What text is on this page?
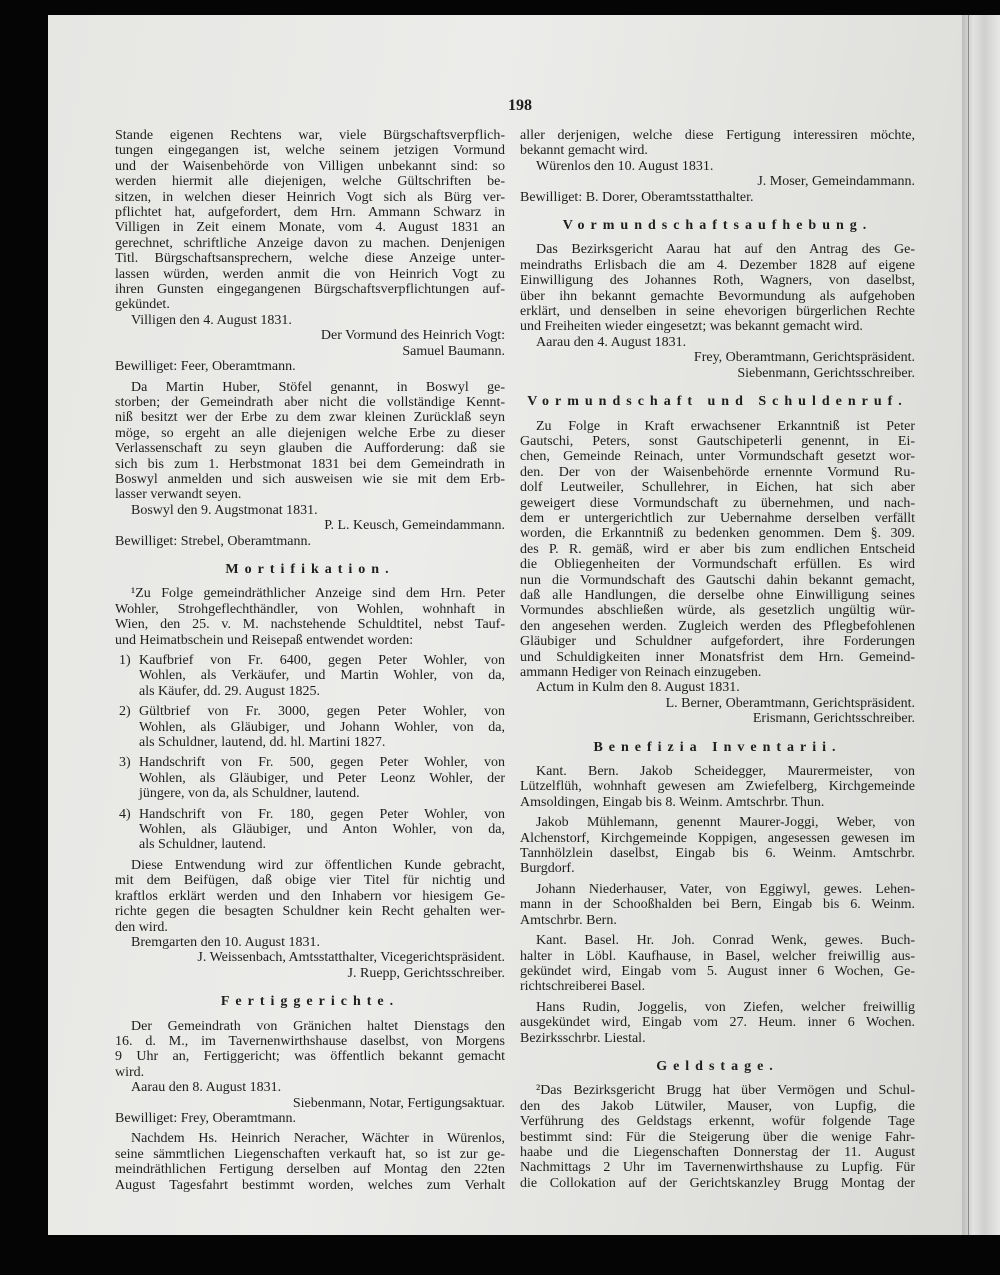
198
Stande eigenen Rechtens war, viele Bürgschaftsverpflich-
tungen eingegangen ist, welche seinem jetzigen Vormund
und der Waisenbehörde von Villigen unbekannt sind: so
werden hiermit alle diejenigen, welche Gültschriften be-
sitzen, in welchen dieser Heinrich Vogt sich als Bürg ver-
pflichtet hat, aufgefordert, dem Hrn. Ammann Schwarz in
Villigen in Zeit einem Monate, vom 4. August 1831 an
gerechnet, schriftliche Anzeige davon zu machen. Denjenigen
Titl. Bürgschaftsansprechern, welche diese Anzeige unter-
lassen würden, werden anmit die von Heinrich Vogt zu
ihren Gunsten eingegangenen Bürgschaftsverpflichtungen auf-
gekündet.
Villigen den 4. August 1831.
Der Vormund des Heinrich Vogt:
Samuel Baumann.
Bewilliget: Feer, Oberamtmann.
Da Martin Huber, Stöfel genannt, in Boswyl ge-
storben; der Gemeindrath aber nicht die vollständige Kennt-
niß besitzt wer der Erbe zu dem zwar kleinen Zurücklaß seyn
möge, so ergeht an alle diejenigen welche Erbe zu dieser
Verlassenschaft zu seyn glauben die Aufforderung: daß sie
sich bis zum 1. Herbstmonat 1831 bei dem Gemeindrath in
Boswyl anmelden und sich ausweisen wie sie mit dem Erb-
lasser verwandt seyen.
Boswyl den 9. Augstmonat 1831.
P. L. Keusch, Gemeindammann.
Bewilliget: Strebel, Oberamtmann.
Mortifikation.
¹Zu Folge gemeindräthlicher Anzeige sind dem Hrn. Peter
Wohler, Strohgeflechthändler, von Wohlen, wohnhaft in
Wien, den 25. v. M. nachstehende Schuldtitel, nebst Tauf-
und Heimatbschein und Reisepaß entwendet worden:
1) Kaufbrief von Fr. 6400, gegen Peter Wohler, von
Wohlen, als Verkäufer, und Martin Wohler, von da,
als Käufer, dd. 29. August 1825.
2) Gültbrief von Fr. 3000, gegen Peter Wohler, von
Wohlen, als Gläubiger, und Johann Wohler, von da,
als Schuldner, lautend, dd. hl. Martini 1827.
3) Handschrift von Fr. 500, gegen Peter Wohler, von
Wohlen, als Gläubiger, und Peter Leonz Wohler, der
jüngere, von da, als Schuldner, lautend.
4) Handschrift von Fr. 180, gegen Peter Wohler, von
Wohlen, als Gläubiger, und Anton Wohler, von da,
als Schuldner, lautend.
Diese Entwendung wird zur öffentlichen Kunde gebracht,
mit dem Beifügen, daß obige vier Titel für nichtig und
kraftlos erklärt werden und den Inhabern vor hiesigem Ge-
richte gegen die besagten Schuldner kein Recht gehalten wer-
den wird.
Bremgarten den 10. August 1831.
J. Weissenbach, Amtsstatthalter, Vicegerichtspräsident.
J. Ruepp, Gerichtsschreiber.
Fertiggerichte.
Der Gemeindrath von Gränichen haltet Dienstags den
16. d. M., im Tavernenwirthshause daselbst, von Morgens
9 Uhr an, Fertiggericht; was öffentlich bekannt gemacht
wird.
Aarau den 8. August 1831.
Siebenmann, Notar, Fertigungsaktuar.
Bewilliget: Frey, Oberamtmann.
Nachdem Hs. Heinrich Neracher, Wächter in Würenlos,
seine sämmtlichen Liegenschaften verkauft hat, so ist zur ge-
meindräthlichen Fertigung derselben auf Montag den 22ten
August Tagesfahrt bestimmt worden, welches zum Verhalt
aller derjenigen, welche diese Fertigung interessiren möchte,
bekannt gemacht wird.
Würenlos den 10. August 1831.
J. Moser, Gemeindammann.
Bewilliget: B. Dorer, Oberamtsstatthalter.
Vormundschaftsaufhebung.
Das Bezirksgericht Aarau hat auf den Antrag des Ge-
meindraths Erlisbach die am 4. Dezember 1828 auf eigene
Einwilligung des Johannes Roth, Wagners, von daselbst,
über ihn bekannt gemachte Bevormundung als aufgehoben
erklärt, und denselben in seine ehevorigen bürgerlichen Rechte
und Freiheiten wieder eingesetzt; was bekannt gemacht wird.
Aarau den 4. August 1831.
Frey, Oberamtmann, Gerichtspräsident.
Siebenmann, Gerichtsschreiber.
Vormundschaft und Schuldenruf.
Zu Folge in Kraft erwachsener Erkanntniß ist Peter
Gautschi, Peters, sonst Gautschipeterli genennt, in Ei-
chen, Gemeinde Reinach, unter Vormundschaft gesetzt wor-
den. Der von der Waisenbehörde ernennte Vormund Ru-
dolf Leutweiler, Schullehrer, in Eichen, hat sich aber
geweigert diese Vormundschaft zu übernehmen, und nach-
dem er untergerichtlich zur Uebernahme derselben verfällt
worden, die Erkanntniß zu bedenken genommen. Dem §. 309.
des P. R. gemäß, wird er aber bis zum endlichen Entscheid
die Obliegenheiten der Vormundschaft erfüllen. Es wird
nun die Vormundschaft des Gautschi dahin bekannt gemacht,
daß alle Handlungen, die derselbe ohne Einwilligung seines
Vormundes abschließen würde, als gesetzlich ungültig wür-
den angesehen werden. Zugleich werden des Pflegbefohlenen
Gläubiger und Schuldner aufgefordert, ihre Forderungen
und Schuldigkeiten inner Monatsfrist dem Hrn. Gemeind-
ammann Hediger von Reinach einzugeben.
Actum in Kulm den 8. August 1831.
L. Berner, Oberamtmann, Gerichtspräsident.
Erismann, Gerichtsschreiber.
Benefizia Inventarii.
Kant. Bern. Jakob Scheidegger, Maurermeister, von
Lützelflüh, wohnhaft gewesen am Zwiefelberg, Kirchgemeinde
Amsoldingen, Eingab bis 8. Weinm. Amtschrbr. Thun.
Jakob Mühlemann, genennt Maurer-Joggi, Weber, von
Alchenstorf, Kirchgemeinde Koppigen, angesessen gewesen im
Tannhölzlein daselbst, Eingab bis 6. Weinm. Amtschrbr.
Burgdorf.
Johann Niederhauser, Vater, von Eggiwyl, gewes. Lehen-
mann in der Schooßhalden bei Bern, Eingab bis 6. Weinm.
Amtschrbr. Bern.
Kant. Basel. Hr. Joh. Conrad Wenk, gewes. Buch-
halter in Löbl. Kaufhause, in Basel, welcher freiwillig aus-
gekündet wird, Eingab vom 5. August inner 6 Wochen, Ge-
richtschreiberei Basel.
Hans Rudin, Joggelis, von Ziefen, welcher freiwillig
ausgekündet wird, Eingab vom 27. Heum. inner 6 Wochen.
Bezirksschrbr. Liestal.
Geldstage.
²Das Bezirksgericht Brugg hat über Vermögen und Schul-
den des Jakob Lütwiler, Mauser, von Lupfig, die
Verführung des Geldstags erkennt, wofür folgende Tage
bestimmt sind: Für die Steigerung über die wenige Fahr-
haabe und die Liegenschaften Donnerstag der 11. August
Nachmittags 2 Uhr im Tavernenwirthshause zu Lupfig. Für
die Collokation auf der Gerichtskanzley Brugg Montag der
